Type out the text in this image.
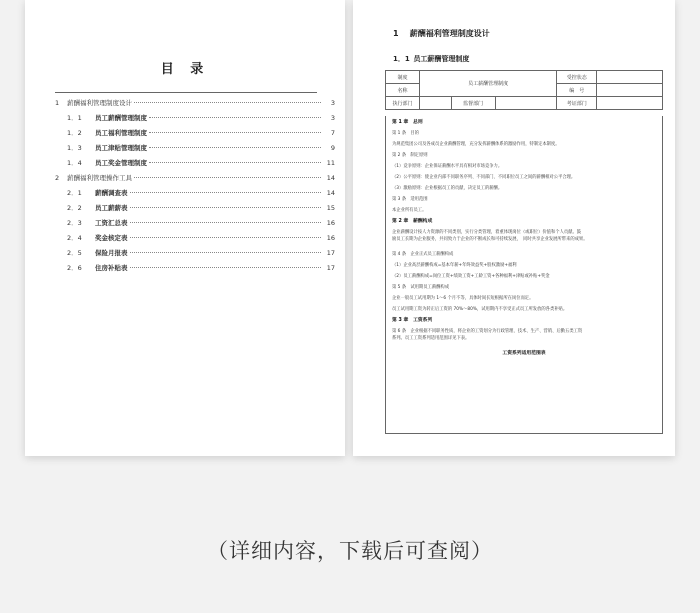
目 录
1	薪酬福利管理制度设计	3
1．1	员工薪酬管理制度	3
1．2	员工福利管理制度	7
1．3	员工津贴管理制度	9
1．4	员工奖金管理制度	11
2	薪酬福利管理操作工具	14
2．1	薪酬调查表	14
2．2	员工薪薪表	15
2．3	工资汇总表	16
2．4	奖金核定表	16
2．5	保险月报表	17
2．6	住房补贴表	17
1 薪酬福利管理制度设计
1．1 员工薪酬管理制度
制度	员工薪酬管理制度			受控状态	
名称				编　号	
执行部门		监督部门		考证部门	

第 1 章　总则

第 1 条　目的

为规范集团公司及各成员企业薪酬管理，充分发挥薪酬体系的激励作用，特制定本制度。

第 2 条　制定原则

（1）竞争原则：企业保证薪酬水平具有相对市场竞争力。

（2）公平原则：使企业内部不同职务序列、不同部门、不同职位员工之间的薪酬相对公平合理。

（3）激励原则：企业根据员工的贡献，决定员工的薪酬。

第 3 条　适用范围

本企业所有员工。

第 2 章　薪酬构成

企业薪酬设计按人力资源的不同类别，实行分类管理，着重体现岗位（或职位）价值和个人贡献。鼓

励员工长期为企业服务，共同致力于企业的不断成长和可持续发展，　同时共享企业发展所带来的成果。

第 4 条　企业正式员工薪酬构成

（1）企业高层薪酬构成=基本年薪+年终效益奖+股权激励+福利

（2）员工薪酬构成=岗位工资+绩效工资+工龄工资+各种福利+津贴或补贴+奖金

第 5 条　试用期员工薪酬构成

企业一般员工试用期为 1～6 个月不等，具体时间长短根据所在岗位而定。

员工试用期工资为转正后工资的 70%～80%，试用期内不享受正式员工所发放的各类补贴。

第 3 章　工资系列

第 6 条　企业根据不同职务性质，将企业的工资划分为行政管理、技术、生产、营销、后勤五类工资

系列。员工工资系列适用范围详见下表。

工资系列适用范围表

（详细内容，下载后可查阅）
